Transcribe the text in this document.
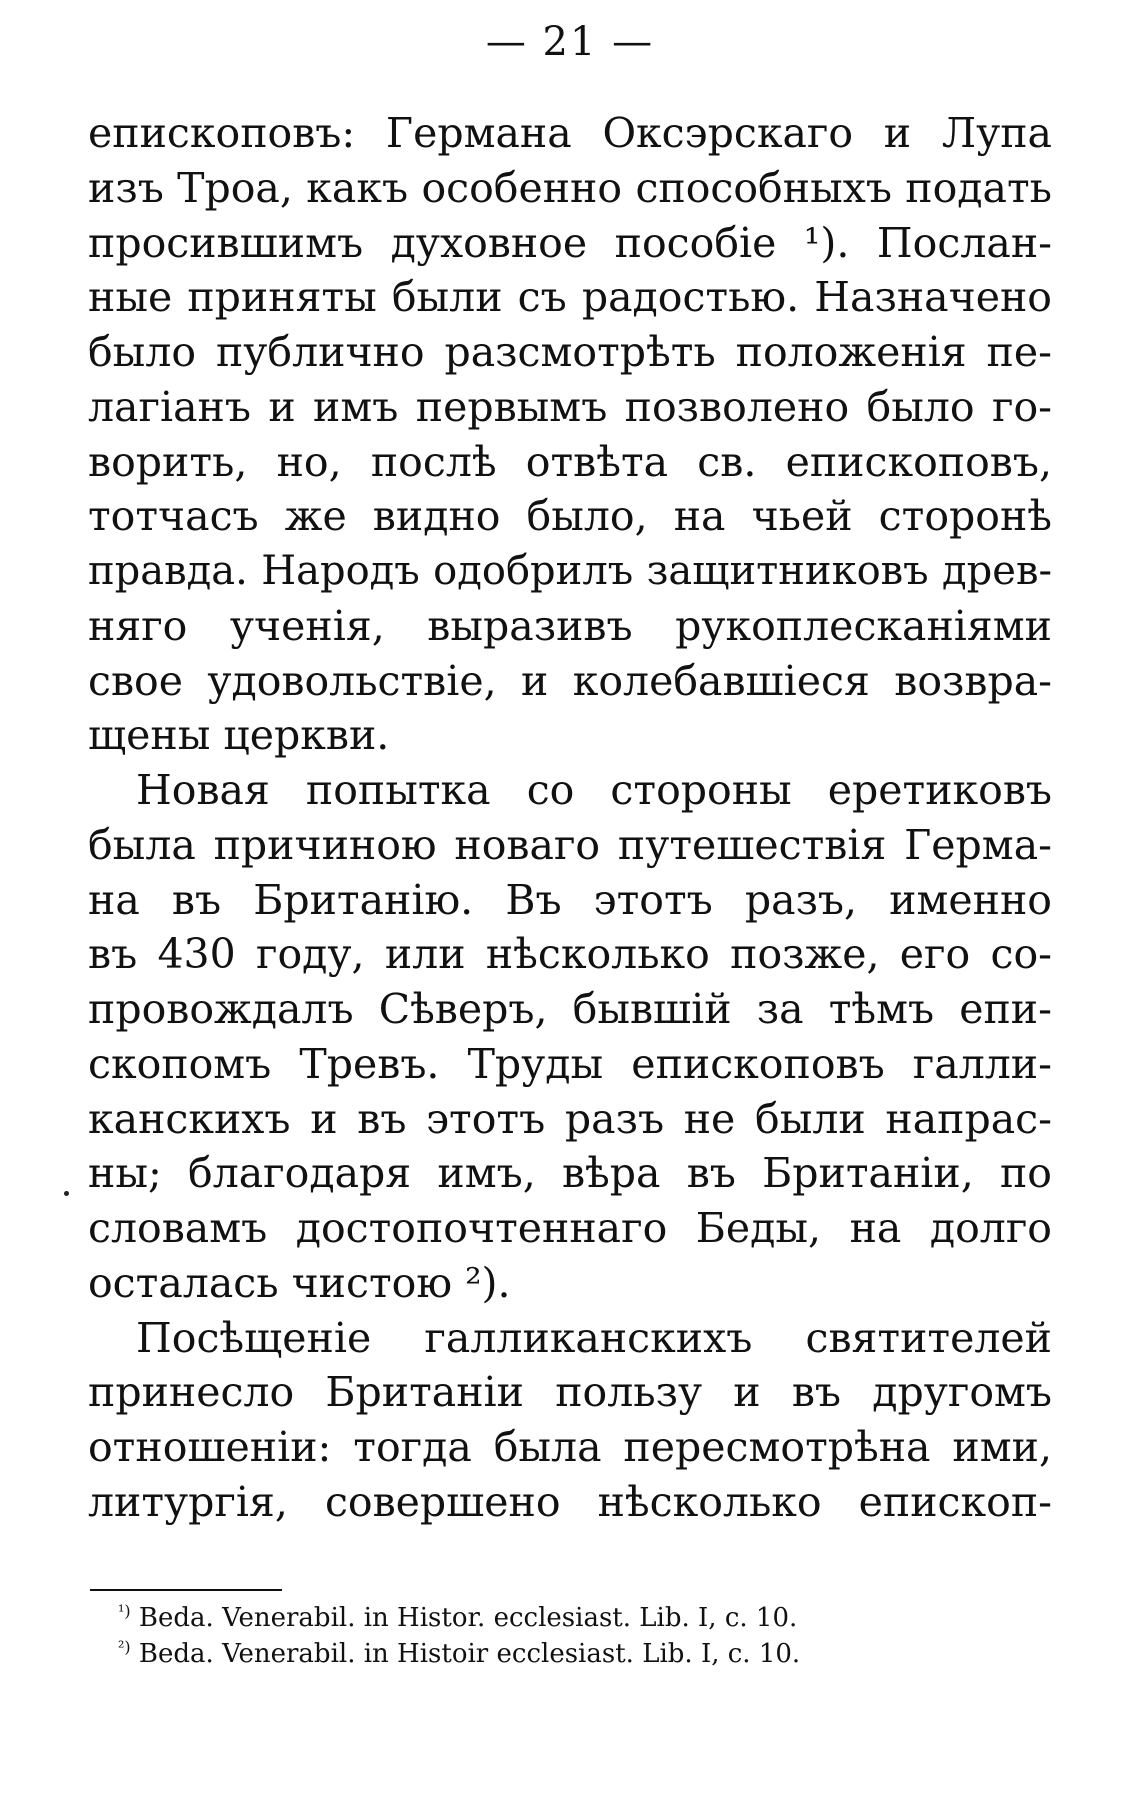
— 21 —
епископовъ: Германа Оксэрскаго и Лупа
изъ Троа, какъ особенно способныхъ подать
просившимъ духовное пособіе ¹). Послан-
ные приняты были съ радостью. Назначено
было публично разсмотрѣть положенія пе-
лагіанъ и имъ первымъ позволено было го-
ворить, но, послѣ отвѣта св. епископовъ,
тотчасъ же видно было, на чьей сторонѣ
правда. Народъ одобрилъ защитниковъ древ-
няго ученія, выразивъ рукоплесканіями
свое удовольствіе, и колебавшіеся возвра-
щены церкви.
Новая попытка со стороны еретиковъ
была причиною новаго путешествія Герма-
на въ Британію. Въ этотъ разъ, именно
въ 430 году, или нѣсколько позже, его со-
провождалъ Сѣверъ, бывшій за тѣмъ епи-
скопомъ Тревъ. Труды епископовъ галли-
канскихъ и въ этотъ разъ не были напрас-
ны; благодаря имъ, вѣра въ Британіи, по
словамъ достопочтеннаго Беды, на долго
осталась чистою ²).
Посѣщеніе галликанскихъ святителей
принесло Британіи пользу и въ другомъ
отношеніи: тогда была пересмотрѣна ими,
литургія, совершено нѣсколько епископ-
$^{^1)}$ Beda. Venerabil. in Histor. ecclesiast. Lib. I, c. 10.
$^{^2)}$ Beda. Venerabil. in Histoir ecclesiast. Lib. I, c. 10.
